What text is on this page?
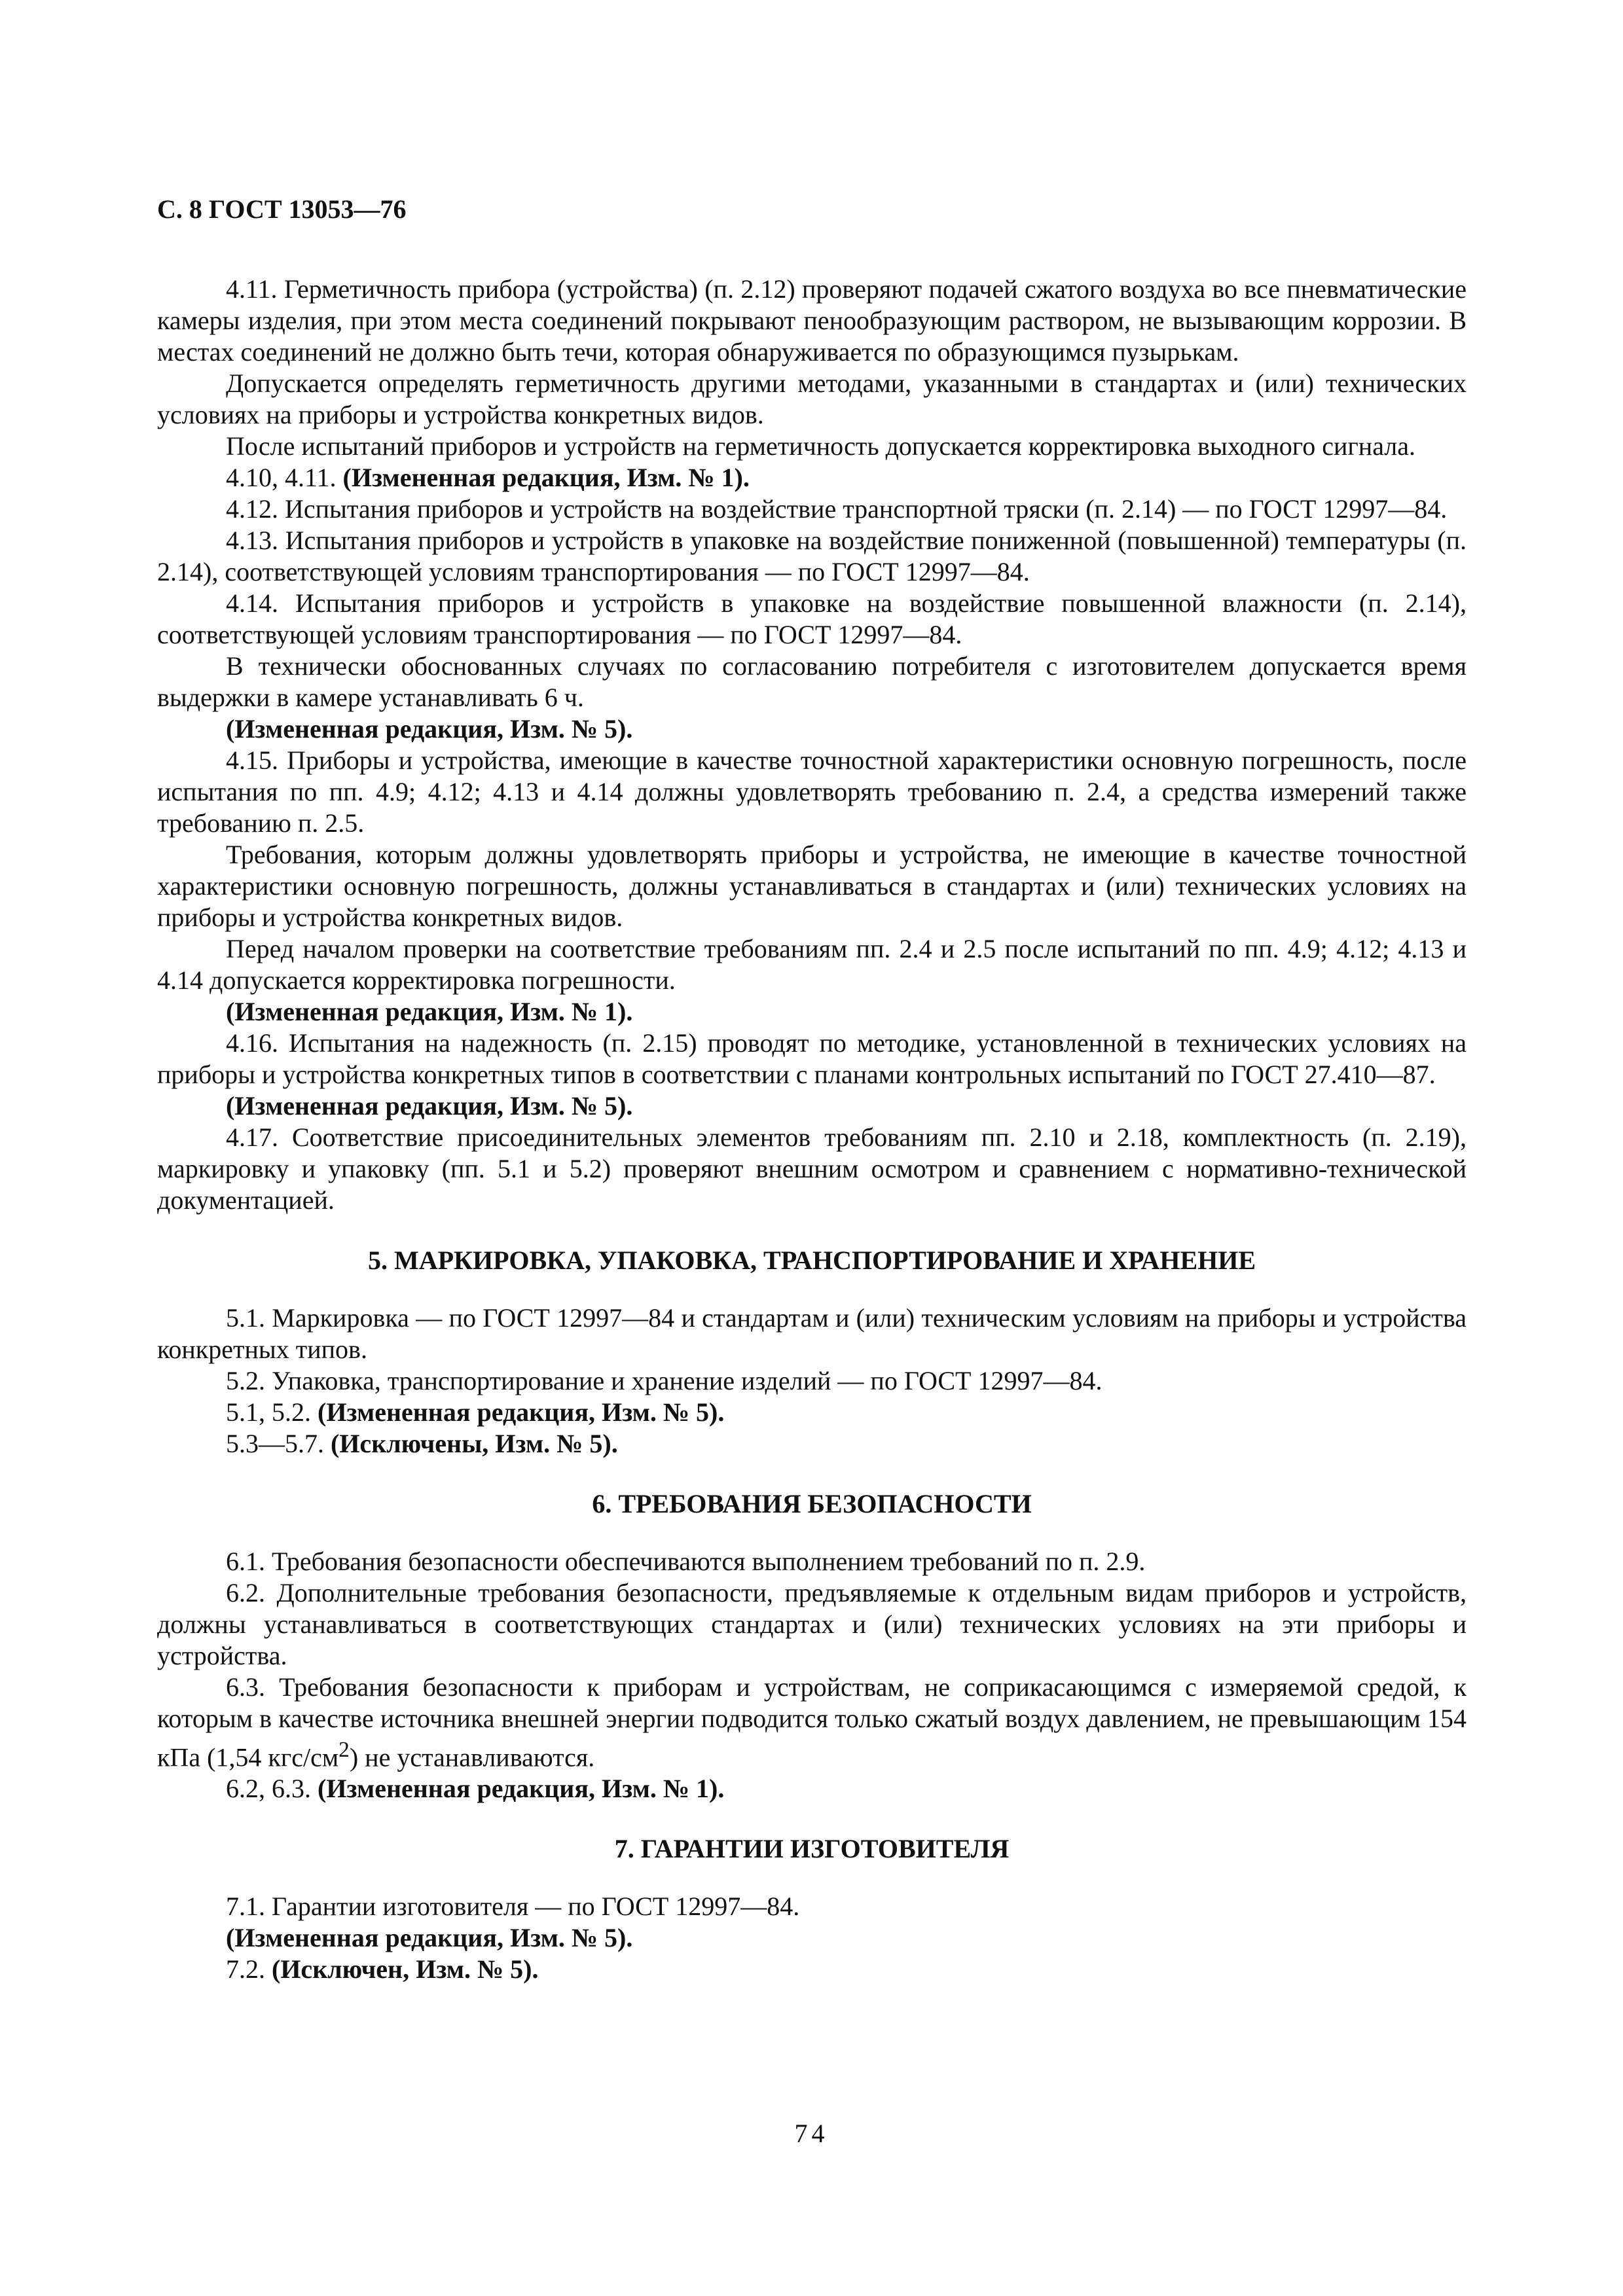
С. 8 ГОСТ 13053—76

4.11. Герметичность прибора (устройства) (п. 2.12) проверяют подачей сжатого воздуха во все пневматические камеры изделия, при этом места соединений покрывают пенообразующим раствором, не вызывающим коррозии. В местах соединений не должно быть течи, которая обнаруживается по образующимся пузырькам.

Допускается определять герметичность другими методами, указанными в стандартах и (или) технических условиях на приборы и устройства конкретных видов.

После испытаний приборов и устройств на герметичность допускается корректировка выходного сигнала.

4.10, 4.11. (Измененная редакция, Изм. № 1).

4.12. Испытания приборов и устройств на воздействие транспортной тряски (п. 2.14) — по ГОСТ 12997—84.

4.13. Испытания приборов и устройств в упаковке на воздействие пониженной (повышенной) температуры (п. 2.14), соответствующей условиям транспортирования — по ГОСТ 12997—84.

4.14. Испытания приборов и устройств в упаковке на воздействие повышенной влажности (п. 2.14), соответствующей условиям транспортирования — по ГОСТ 12997—84.

В технически обоснованных случаях по согласованию потребителя с изготовителем допускается время выдержки в камере устанавливать 6 ч.

(Измененная редакция, Изм. № 5).

4.15. Приборы и устройства, имеющие в качестве точностной характеристики основную погрешность, после испытания по пп. 4.9; 4.12; 4.13 и 4.14 должны удовлетворять требованию п. 2.4, а средства измерений также требованию п. 2.5.

Требования, которым должны удовлетворять приборы и устройства, не имеющие в качестве точностной характеристики основную погрешность, должны устанавливаться в стандартах и (или) технических условиях на приборы и устройства конкретных видов.

Перед началом проверки на соответствие требованиям пп. 2.4 и 2.5 после испытаний по пп. 4.9; 4.12; 4.13 и 4.14 допускается корректировка погрешности.

(Измененная редакция, Изм. № 1).

4.16. Испытания на надежность (п. 2.15) проводят по методике, установленной в технических условиях на приборы и устройства конкретных типов в соответствии с планами контрольных испытаний по ГОСТ 27.410—87.

(Измененная редакция, Изм. № 5).

4.17. Соответствие присоединительных элементов требованиям пп. 2.10 и 2.18, комплектность (п. 2.19), маркировку и упаковку (пп. 5.1 и 5.2) проверяют внешним осмотром и сравнением с нормативно-технической документацией.

5. МАРКИРОВКА, УПАКОВКА, ТРАНСПОРТИРОВАНИЕ И ХРАНЕНИЕ

5.1. Маркировка — по ГОСТ 12997—84 и стандартам и (или) техническим условиям на приборы и устройства конкретных типов.

5.2. Упаковка, транспортирование и хранение изделий — по ГОСТ 12997—84.

5.1, 5.2. (Измененная редакция, Изм. № 5).

5.3—5.7. (Исключены, Изм. № 5).

6. ТРЕБОВАНИЯ БЕЗОПАСНОСТИ

6.1. Требования безопасности обеспечиваются выполнением требований по п. 2.9.

6.2. Дополнительные требования безопасности, предъявляемые к отдельным видам приборов и устройств, должны устанавливаться в соответствующих стандартах и (или) технических условиях на эти приборы и устройства.

6.3. Требования безопасности к приборам и устройствам, не соприкасающимся с измеряемой средой, к которым в качестве источника внешней энергии подводится только сжатый воздух давлением, не превышающим 154 кПа (1,54 кгс/$см^2$) не устанавливаются.

6.2, 6.3. (Измененная редакция, Изм. № 1).

7. ГАРАНТИИ ИЗГОТОВИТЕЛЯ

7.1. Гарантии изготовителя — по ГОСТ 12997—84.

(Измененная редакция, Изм. № 5).

7.2. (Исключен, Изм. № 5).

74
